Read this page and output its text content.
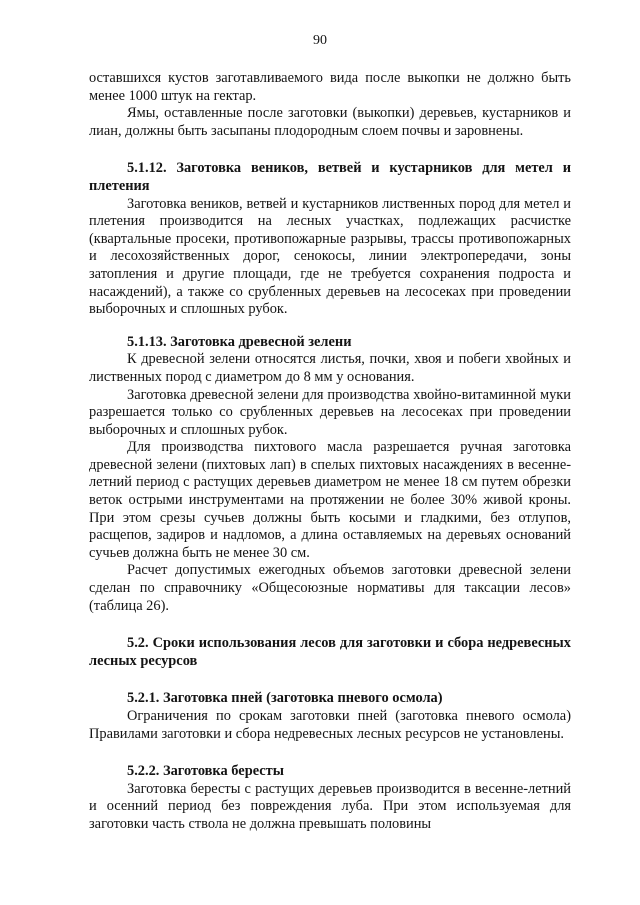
90

оставшихся кустов заготавливаемого вида после выкопки не должно быть менее 1000 штук на гектар.

Ямы, оставленные после заготовки (выкопки) деревьев, кустарников и лиан, должны быть засыпаны плодородным слоем почвы и заровнены.

5.1.12. Заготовка веников, ветвей и кустарников для метел и плетения

Заготовка веников, ветвей и кустарников лиственных пород для метел и плетения производится на лесных участках, подлежащих расчистке (квартальные просеки, противопожарные разрывы, трассы противопожарных и лесохозяйственных дорог, сенокосы, линии электропередачи, зоны затопления и другие площади, где не требуется сохранения подроста и насаждений), а также со срубленных деревьев на лесосеках при проведении выборочных и сплошных рубок.

5.1.13. Заготовка древесной зелени

К древесной зелени относятся листья, почки, хвоя и побеги хвойных и лиственных пород с диаметром до 8 мм у основания.

Заготовка древесной зелени для производства хвойно-витаминной муки разрешается только со срубленных деревьев на лесосеках при проведении выборочных и сплошных рубок.

Для производства пихтового масла разрешается ручная заготовка древесной зелени (пихтовых лап) в спелых пихтовых насаждениях в весенне-летний период с растущих деревьев диаметром не менее 18 см путем обрезки веток острыми инструментами на протяжении не более 30% живой кроны. При этом срезы сучьев должны быть косыми и гладкими, без отлупов, расщепов, задиров и надломов, а длина оставляемых на деревьях оснований сучьев должна быть не менее 30 см.

Расчет допустимых ежегодных объемов заготовки древесной зелени сделан по справочнику «Общесоюзные нормативы для таксации лесов» (таблица 26).

5.2. Сроки использования лесов для заготовки и сбора недревесных лесных ресурсов
5.2.1. Заготовка пней (заготовка пневого осмола)

Ограничения по срокам заготовки пней (заготовка пневого осмола) Правилами заготовки и сбора недревесных лесных ресурсов не установлены.

5.2.2. Заготовка бересты

Заготовка бересты с растущих деревьев производится в весенне-летний и осенний период без повреждения луба. При этом используемая для заготовки часть ствола не должна превышать половины
